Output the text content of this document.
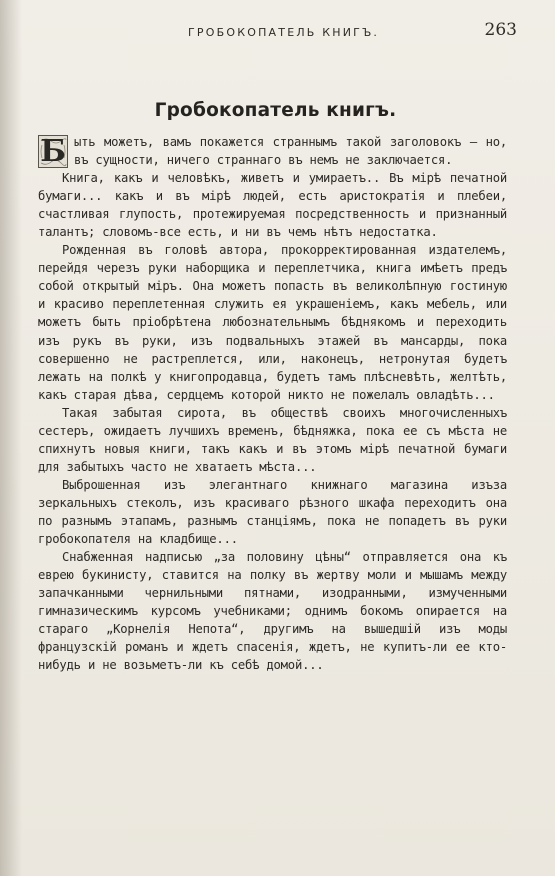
ГРОБОКОПАТЕЛЬ КНИГЪ.	263
Гробокопатель книгъ.

Б ыть можетъ, вамъ покажется страннымъ такой заголовокъ — но, въ сущности, ничего страннаго въ немъ не заключается.

Книга, какъ и человѣкъ, живетъ и умираетъ.. Въ мірѣ печатной бумаги... какъ и въ мірѣ людей, есть аристократія и плебеи, счастливая глупость, протежируемая посредственность и признанный талантъ; словомъ-все есть, и ни въ чемъ нѣтъ недостатка.

Рожденная въ головѣ автора, прокорректированная издателемъ, перейдя черезъ руки наборщика и переплетчика, книга имѣетъ предъ собой открытый міръ. Она можетъ попасть въ великолѣпную гостиную и красиво переплетенная служить ея украшеніемъ, какъ мебель, или можетъ быть пріобрѣтена любознательнымъ бѣднякомъ и переходить изъ рукъ въ руки, изъ подвальныхъ этажей въ мансарды, пока совершенно не растреплется, или, наконецъ, нетронутая будетъ лежать на полкѣ у книгопродавца, будетъ тамъ плѣсневѣть, желтѣть, какъ старая дѣва, сердцемъ которой никто не пожелалъ овладѣть...

Такая забытая сирота, въ обществѣ своихъ многочисленныхъ сестеръ, ожидаетъ лучшихъ временъ, бѣдняжка, пока ее съ мѣста не спихнутъ новыя книги, такъ какъ и въ этомъ мірѣ печатной бумаги для забытыхъ часто не хватаетъ мѣста...

Выброшенная изъ элегантнаго книжнаго магазина изъза зеркальныхъ стеколъ, изъ красиваго рѣзного шкафа переходитъ она по разнымъ этапамъ, разнымъ станціямъ, пока не попадетъ въ руки гробокопателя на кладбище...

Снабженная надписью „за половину цѣны“ отправляется она къ еврею букинисту, ставится на полку въ жертву моли и мышамъ между запачканными чернильными пятнами, изодранными, измученными гимназическимъ курсомъ учебниками; однимъ бокомъ опирается на стараго „Корнелія Непота“, другимъ на вышедшій изъ моды французскій романъ и ждетъ спасенія, ждетъ, не купитъ-ли ее кто-нибудь и не возьметъ-ли къ себѣ домой...
